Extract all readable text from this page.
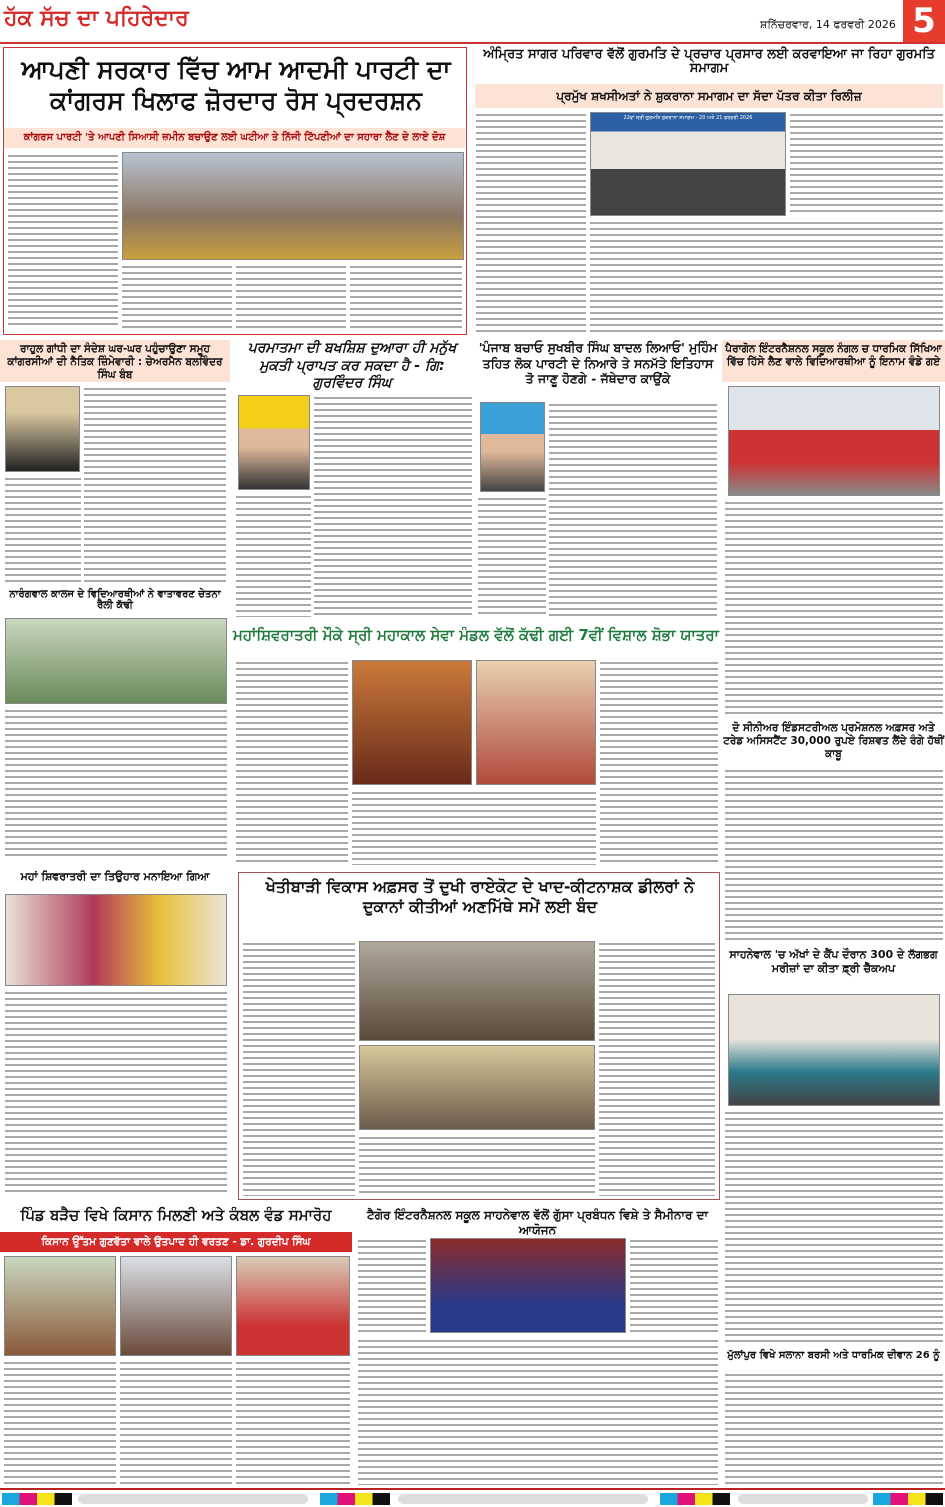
ਹੱਕ ਸੱਚ ਦਾ ਪਹਿਰੇਦਾਰ	ਸ਼ਨਿੱਚਰਵਾਰ, 14 ਫਰਵਰੀ 2026 5
ਆਪਣੀ ਸਰਕਾਰ ਵਿੱਚ ਆਮ ਆਦਮੀ ਪਾਰਟੀ ਦਾ ਕਾਂਗਰਸ ਖਿਲਾਫ ਜ਼ੋਰਦਾਰ ਰੋਸ ਪ੍ਰਦਰਸ਼ਨ
ਕਾਂਗਰਸ ਪਾਰਟੀ 'ਤੇ ਆਪਣੀ ਸਿਆਸੀ ਜ਼ਮੀਨ ਬਚਾਉਣ ਲਈ ਘਟੀਆ ਤੇ ਨਿੱਜੀ ਟਿੱਪਣੀਆਂ ਦਾ ਸਹਾਰਾ ਲੈਣ ਦੇ ਲਾਏ ਦੋਸ਼
ਅੰਮ੍ਰਿਤ ਸਾਗਰ ਪਰਿਵਾਰ ਵੱਲੋਂ ਗੁਰਮਤਿ ਦੇ ਪ੍ਰਚਾਰ ਪ੍ਰਸਾਰ ਲਈ ਕਰਵਾਇਆ ਜਾ ਰਿਹਾ ਗੁਰਮਤਿ ਸਮਾਗਮ
ਪ੍ਰਮੁੱਖ ਸ਼ਖਸੀਅਤਾਂ ਨੇ ਸ਼ੁਕਰਾਨਾ ਸਮਾਗਮ ਦਾ ਸੱਦਾ ਪੱਤਰ ਕੀਤਾ ਰਿਲੀਜ਼
22ਵਾਂ ਸ਼੍ਰੀ ਗੁਰਮਤਿ ਸ਼ੁਕਰਾਨਾ ਸਮਾਗਮ - 20 ਅਤੇ 21 ਫਰਵਰੀ 2026
ਰਾਹੁਲ ਗਾਂਧੀ ਦਾ ਸੰਦੇਸ਼ ਘਰ-ਘਰ ਪਹੁੰਚਾਉਣਾ ਸਮੂਹ ਕਾਂਗਰਸੀਆਂ ਦੀ ਨੈਤਿਕ ਜ਼ਿੰਮੇਵਾਰੀ : ਚੇਅਰਮੈਨ ਬਲਵਿੰਦਰ ਸਿੰਘ ਬੰਬ
ਪਰਮਾਤਮਾ ਦੀ ਬਖਸ਼ਿਸ਼ ਦੁਆਰਾ ਹੀ ਮਨੁੱਖ ਮੁਕਤੀ ਪ੍ਰਾਪਤ ਕਰ ਸਕਦਾ ਹੈ - ਗਿ: ਗੁਰਵਿੰਦਰ ਸਿੰਘ
'ਪੰਜਾਬ ਬਚਾਓ ਸੁਖਬੀਰ ਸਿੰਘ ਬਾਦਲ ਲਿਆਓ' ਮੁਹਿੰਮ ਤਹਿਤ ਲੋਕ ਪਾਰਟੀ ਦੇ ਨਿਆਰੇ ਤੇ ਸਨਮੱਤੇ ਇਤਿਹਾਸ ਤੋ ਜਾਣੂ ਹੋਣਗੇ - ਜੱਥੇਦਾਰ ਕਾਉਂਕੇ
ਪੈਰਾਗੋਨ ਇੰਟਰਨੈਸ਼ਨਲ ਸਕੂਲ ਨੰਗਲ ਚ ਧਾਰਮਿਕ ਸਿੱਖਿਆ ਵਿੱਚ ਹਿੱਸੇ ਲੈਣ ਵਾਲੇ ਵਿਦਿਆਰਥੀਆ ਨੂੰ ਇਨਾਮ ਵੰਡੇ ਗਏ
ਦੋ ਸੀਨੀਅਰ ਇੰਡਸਟਰੀਅਲ ਪ੍ਰਮੋਸ਼ਨਲ ਅਫ਼ਸਰ ਅਤੇ ਟਰੇਡ ਅਸਿਸਟੈਂਟ 30,000 ਰੁਪਏ ਰਿਸ਼ਵਤ ਲੈਂਦੇ ਰੰਗੇ ਹੱਥੀਂ ਕਾਬੂ
ਨਾਰੰਗਵਾਲ ਕਾਲਜ ਦੇ ਵਿਦਿਆਰਥੀਆਂ ਨੇ ਵਾਤਾਵਰਣ ਚੇਤਨਾ ਰੈਲੀ ਕੱਢੀ
ਮਹਾਂਸ਼ਿਵਰਾਤਰੀ ਮੌਕੇ ਸ੍ਰੀ ਮਹਾਕਾਲ ਸੇਵਾ ਮੰਡਲ ਵੱਲੋਂ ਕੱਢੀ ਗਈ 7ਵੀਂ ਵਿਸ਼ਾਲ ਸ਼ੋਭਾ ਯਾਤਰਾ
ਮਹਾਂ ਸ਼ਿਵਰਾਤਰੀ ਦਾ ਤਿਉਹਾਰ ਮਨਾਇਆ ਗਿਆ
ਖੇਤੀਬਾੜੀ ਵਿਕਾਸ ਅਫ਼ਸਰ ਤੋਂ ਦੁਖੀ ਰਾਏਕੋਟ ਦੇ ਖਾਦ-ਕੀਟਨਾਸ਼ਕ ਡੀਲਰਾਂ ਨੇ ਦੁਕਾਨਾਂ ਕੀਤੀਆਂ ਅਣਮਿੱਥੇ ਸਮੇਂ ਲਈ ਬੰਦ
ਸਾਹਨੇਵਾਲ 'ਚ ਅੱਖਾਂ ਦੇ ਕੈਂਪ ਦੌਰਾਨ 300 ਦੇ ਲੱਗਭਗ ਮਰੀਜ਼ਾਂ ਦਾ ਕੀਤਾ ਫ਼੍ਰੀ ਚੈੱਕਅਪ
ਮੁੱਲਾਂਪੁਰ ਵਿਖੇ ਸਲਾਨਾ ਬਰਸੀ ਅਤੇ ਧਾਰਮਿਕ ਦੀਵਾਨ 26 ਨੂੰ
ਪਿੰਡ ਬੜੈਚ ਵਿਖੇ ਕਿਸਾਨ ਮਿਲਣੀ ਅਤੇ ਕੰਬਲ ਵੰਡ ਸਮਾਰੋਹ
ਕਿਸਾਨ ਉੱਤਮ ਗੁਣਵੱਤਾ ਵਾਲੇ ਉਤਪਾਦ ਹੀ ਵਰਤਣ - ਡਾ. ਗੁਰਦੀਪ ਸਿੰਘ
ਟੈਗੋਰ ਇੰਟਰਨੈਸ਼ਨਲ ਸਕੂਲ ਸਾਹਨੇਵਾਲ ਵੱਲੋਂ ਗੁੱਸਾ ਪ੍ਰਬੰਧਨ ਵਿਸ਼ੇ ਤੇ ਸੈਮੀਨਾਰ ਦਾ ਆਯੋਜਨ
